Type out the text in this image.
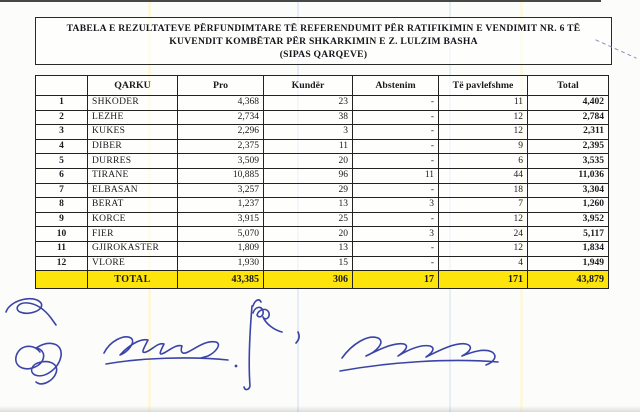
TABELA E REZULTATEVE PËRFUNDIMTARE TË REFERENDUMIT PËR RATIFIKIMIN E VENDIMIT NR. 6 TË
KUVENDIT KOMBËTAR PËR SHKARKIMIN E Z. LULZIM BASHA
(SIPAS QARQEVE)
	QARKU	Pro	Kundër	Abstenim	Të pavlefshme	Total
1	SHKODER	4,368	23	-	11	4,402
2	LEZHE	2,734	38	-	12	2,784
3	KUKES	2,296	3	-	12	2,311
4	DIBER	2,375	11	-	9	2,395
5	DURRES	3,509	20	-	6	3,535
6	TIRANE	10,885	96	11	44	11,036
7	ELBASAN	3,257	29	-	18	3,304
8	BERAT	1,237	13	3	7	1,260
9	KORCE	3,915	25	-	12	3,952
10	FIER	5,070	20	3	24	5,117
11	GJIROKASTER	1,809	13	-	12	1,834
12	VLORE	1,930	15	-	4	1,949
	TOTAL	43,385	306	17	171	43,879
